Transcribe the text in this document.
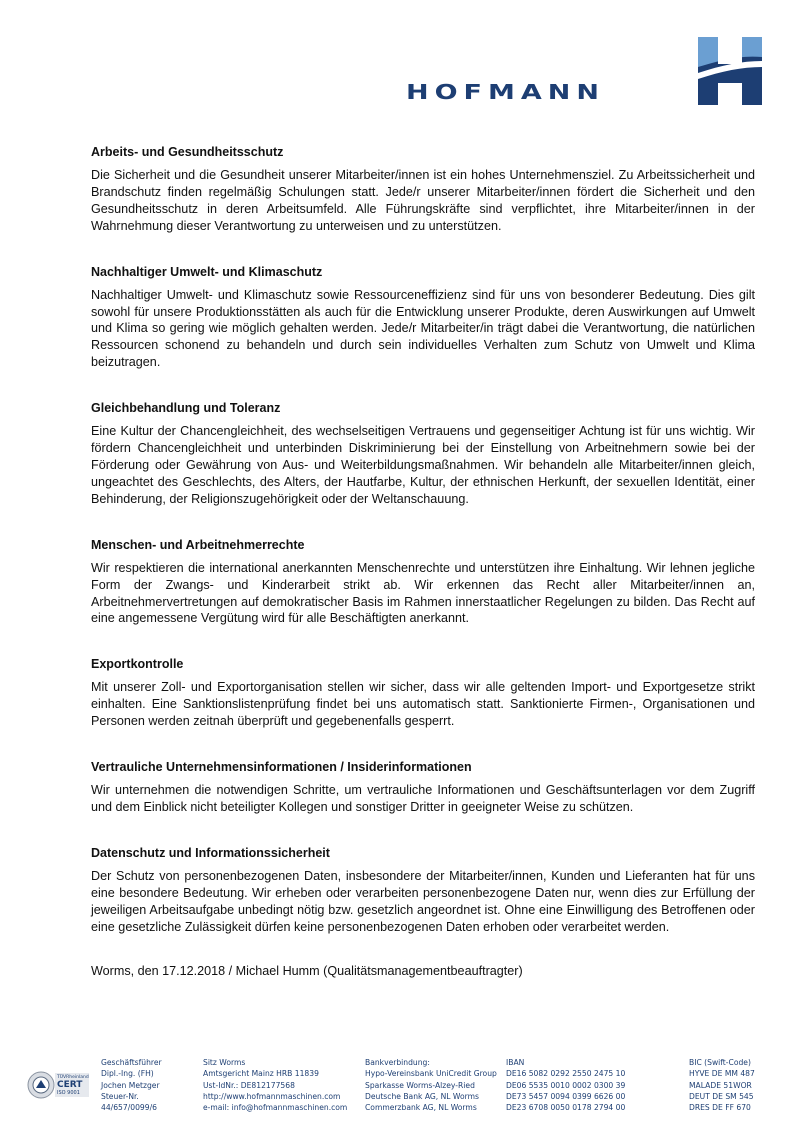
HOFMANN
Arbeits- und Gesundheitsschutz

Die Sicherheit und die Gesundheit unserer Mitarbeiter/innen ist ein hohes Unternehmensziel. Zu Arbeitssicherheit und Brandschutz finden regelmäßig Schulungen statt. Jede/r unserer Mitarbeiter/innen fördert die Sicherheit und den Gesundheitsschutz in deren Arbeitsumfeld. Alle Führungskräfte sind verpflichtet, ihre Mitarbeiter/innen in der Wahrnehmung dieser Verantwortung zu unterweisen und zu unterstützen.

Nachhaltiger Umwelt- und Klimaschutz

Nachhaltiger Umwelt- und Klimaschutz sowie Ressourceneffizienz sind für uns von besonderer Bedeutung. Dies gilt sowohl für unsere Produktionsstätten als auch für die Entwicklung unserer Produkte, deren Auswirkungen auf Umwelt und Klima so gering wie möglich gehalten werden. Jede/r Mitarbeiter/in trägt dabei die Verantwortung, die natürlichen Ressourcen schonend zu behandeln und durch sein individuelles Verhalten zum Schutz von Umwelt und Klima beizutragen.

Gleichbehandlung und Toleranz

Eine Kultur der Chancengleichheit, des wechselseitigen Vertrauens und gegenseitiger Achtung ist für uns wichtig. Wir fördern Chancengleichheit und unterbinden Diskriminierung bei der Einstellung von Arbeitnehmern sowie bei der Förderung oder Gewährung von Aus- und Weiterbildungsmaßnahmen. Wir behandeln alle Mitarbeiter/innen gleich, ungeachtet des Geschlechts, des Alters, der Hautfarbe, Kultur, der ethnischen Herkunft, der sexuellen Identität, einer Behinderung, der Religionszugehörigkeit oder der Weltanschauung.

Menschen- und Arbeitnehmerrechte

Wir respektieren die international anerkannten Menschenrechte und unterstützen ihre Einhaltung. Wir lehnen jegliche Form der Zwangs- und Kinderarbeit strikt ab. Wir erkennen das Recht aller Mitarbeiter/innen an, Arbeitnehmervertretungen auf demokratischer Basis im Rahmen innerstaatlicher Regelungen zu bilden. Das Recht auf eine angemessene Vergütung wird für alle Beschäftigten anerkannt.

Exportkontrolle

Mit unserer Zoll- und Exportorganisation stellen wir sicher, dass wir alle geltenden Import- und Exportgesetze strikt einhalten. Eine Sanktionslistenprüfung findet bei uns automatisch statt. Sanktionierte Firmen-, Organisationen und Personen werden zeitnah überprüft und gegebenenfalls gesperrt.

Vertrauliche Unternehmensinformationen / Insiderinformationen

Wir unternehmen die notwendigen Schritte, um vertrauliche Informationen und Geschäftsunterlagen vor dem Zugriff und dem Einblick nicht beteiligter Kollegen und sonstiger Dritter in geeigneter Weise zu schützen.

Datenschutz und Informationssicherheit

Der Schutz von personenbezogenen Daten, insbesondere der Mitarbeiter/innen, Kunden und Lieferanten hat für uns eine besondere Bedeutung. Wir erheben oder verarbeiten personenbezogene Daten nur, wenn dies zur Erfüllung der jeweiligen Arbeitsaufgabe unbedingt nötig bzw. gesetzlich angeordnet ist. Ohne eine Einwilligung des Betroffenen oder eine gesetzliche Zulässigkeit dürfen keine personenbezogenen Daten erhoben oder verarbeitet werden.

Worms, den 17.12.2018 / Michael Humm (Qualitätsmanagementbeauftragter)
TÜVRheinland
CERT
ISO 9001
Geschäftsführer
Dipl.-Ing. (FH)
Jochen Metzger
Steuer-Nr.
44/657/0099/6
Sitz Worms
Amtsgericht Mainz HRB 11839
Ust-IdNr.: DE812177568
http://www.hofmannmaschinen.com
e-mail: info@hofmannmaschinen.com
Bankverbindung:
Hypo-Vereinsbank UniCredit Group
Sparkasse Worms-Alzey-Ried
Deutsche Bank AG, NL Worms
Commerzbank AG, NL Worms
IBAN
DE16 5082 0292 2550 2475 10
DE06 5535 0010 0002 0300 39
DE73 5457 0094 0399 6626 00
DE23 6708 0050 0178 2794 00
BIC (Swift-Code)
HYVE DE MM 487
MALADE 51WOR
DEUT DE SM 545
DRES DE FF 670
